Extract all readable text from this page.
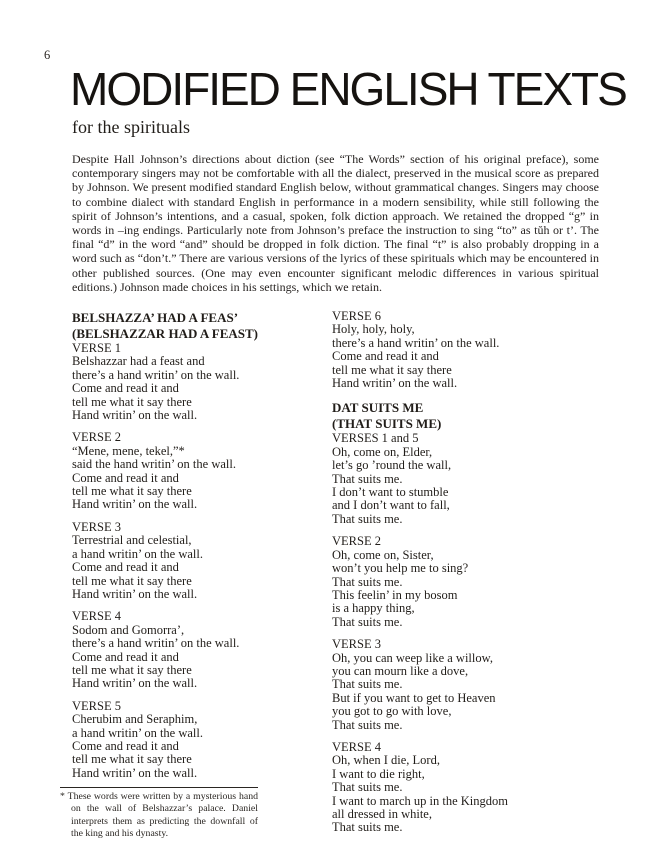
6
MODIFIED ENGLISH TEXTS
for the spirituals

Despite Hall Johnson’s directions about diction (see “The Words” section of his original preface), some contemporary singers may not be comfortable with all the dialect, preserved in the musical score as prepared by Johnson. We present modified standard English below, without grammatical changes. Singers may choose to combine dialect with standard English in performance in a modern sensibility, while still following the spirit of Johnson’s intentions, and a casual, spoken, folk diction approach. We retained the dropped “g” in words in –ing endings. Particularly note from Johnson’s preface the instruction to sing “to” as tŭh or t’. The final “d” in the word “and” should be dropped in folk diction. The final “t” is also probably dropping in a word such as “don’t.” There are various versions of the lyrics of these spirituals which may be encountered in other published sources. (One may even encounter significant melodic differences in various spiritual editions.) Johnson made choices in his settings, which we retain.

BELSHAZZA’ HAD A FEAS’
(BELSHAZZAR HAD A FEAST)
VERSE 1
Belshazzar had a feast and
there’s a hand writin’ on the wall.
Come and read it and
tell me what it say there
Hand writin’ on the wall.
VERSE 2
“Mene, mene, tekel,”*
said the hand writin’ on the wall.
Come and read it and
tell me what it say there
Hand writin’ on the wall.
VERSE 3
Terrestrial and celestial,
a hand writin’ on the wall.
Come and read it and
tell me what it say there
Hand writin’ on the wall.
VERSE 4
Sodom and Gomorra’,
there’s a hand writin’ on the wall.
Come and read it and
tell me what it say there
Hand writin’ on the wall.
VERSE 5
Cherubim and Seraphim,
a hand writin’ on the wall.
Come and read it and
tell me what it say there
Hand writin’ on the wall.
* These words were written by a mysterious hand on the wall of Belshazzar’s palace. Daniel interprets them as predicting the downfall of the king and his dynasty.
VERSE 6
Holy, holy, holy,
there’s a hand writin’ on the wall.
Come and read it and
tell me what it say there
Hand writin’ on the wall.
DAT SUITS ME
(THAT SUITS ME)
VERSES 1 and 5
Oh, come on, Elder,
let’s go ’round the wall,
That suits me.
I don’t want to stumble
and I don’t want to fall,
That suits me.
VERSE 2
Oh, come on, Sister,
won’t you help me to sing?
That suits me.
This feelin’ in my bosom
is a happy thing,
That suits me.
VERSE 3
Oh, you can weep like a willow,
you can mourn like a dove,
That suits me.
But if you want to get to Heaven
you got to go with love,
That suits me.
VERSE 4
Oh, when I die, Lord,
I want to die right,
That suits me.
I want to march up in the Kingdom
all dressed in white,
That suits me.
